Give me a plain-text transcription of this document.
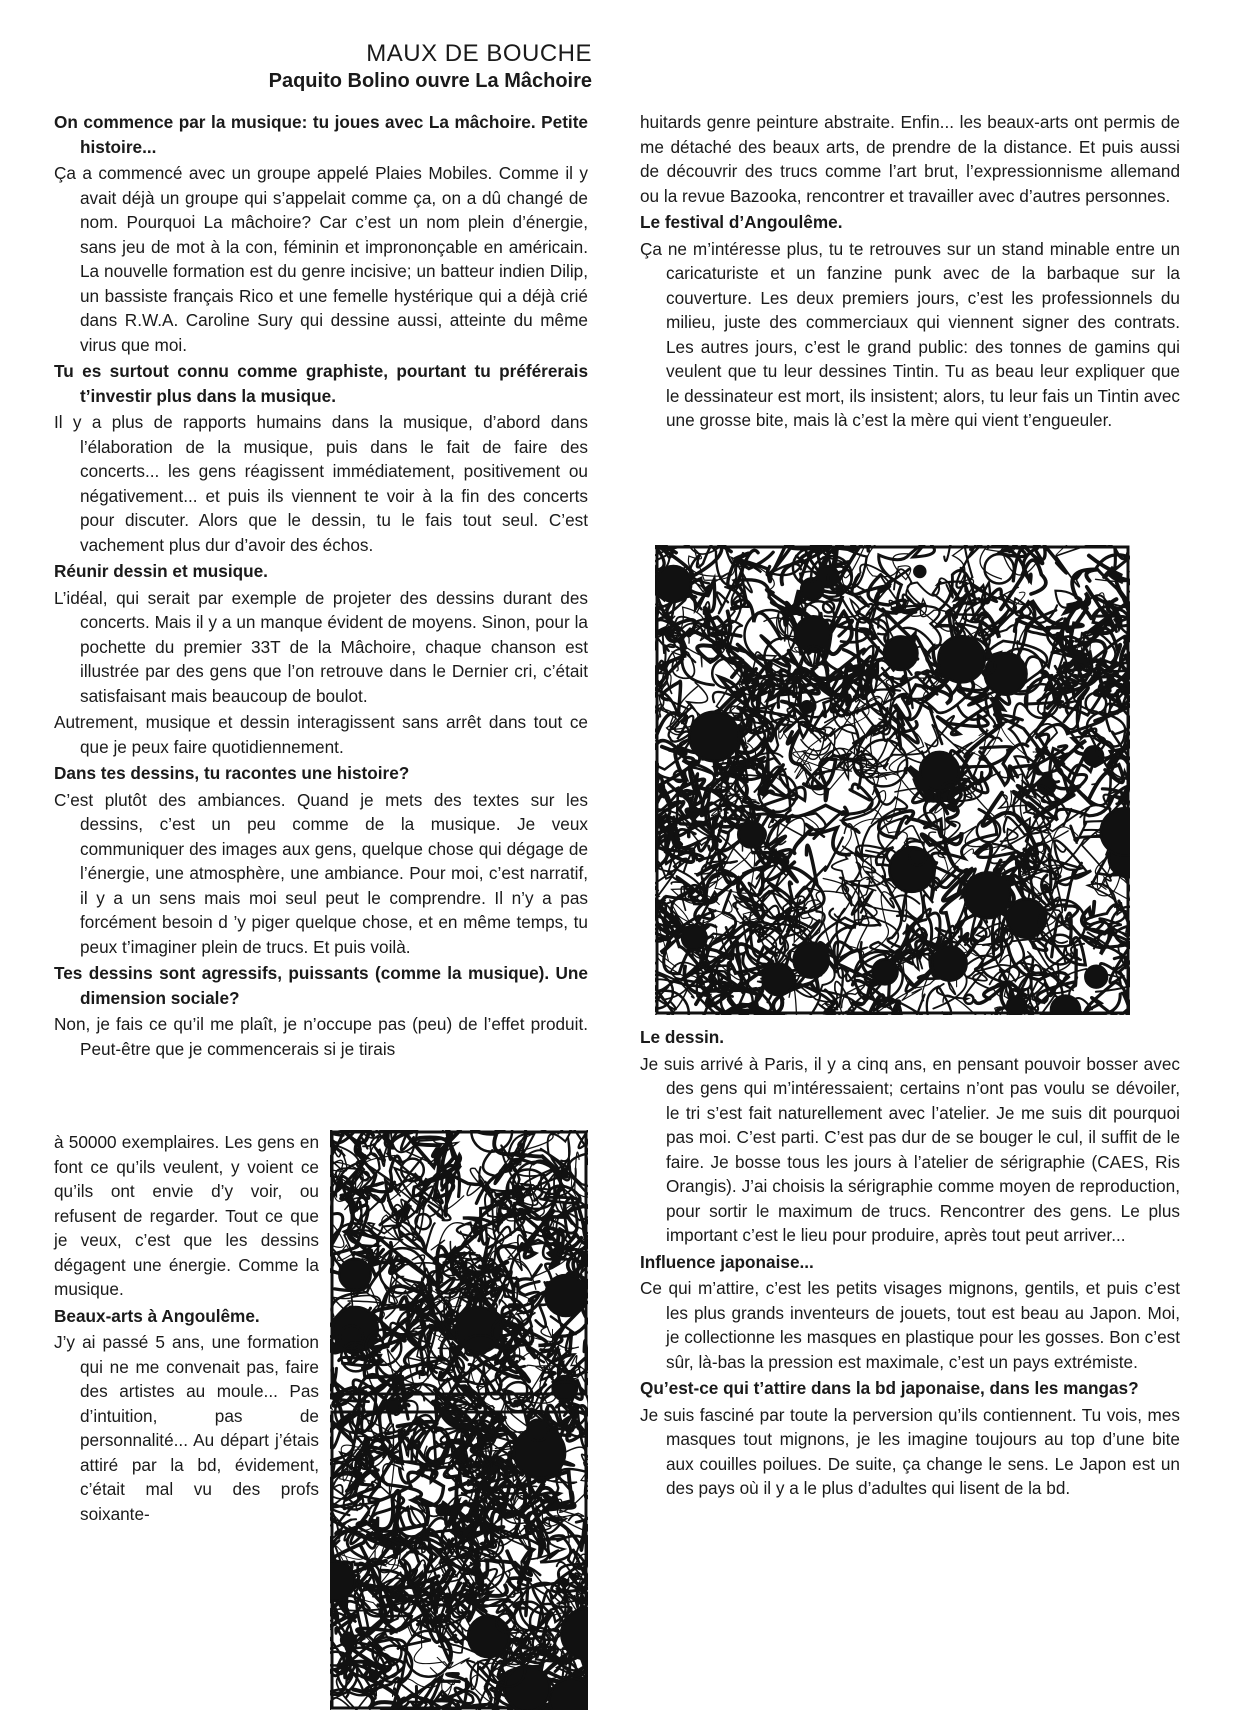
MAUX DE BOUCHE
Paquito Bolino ouvre La Mâchoire

On commence par la musique: tu joues avec La mâchoire. Petite histoire...

Ça a commencé avec un groupe appelé Plaies Mobiles. Comme il y avait déjà un groupe qui s’appelait comme ça, on a dû changé de nom. Pourquoi La mâchoire? Car c’est un nom plein d’énergie, sans jeu de mot à la con, féminin et imprononçable en américain. La nouvelle formation est du genre incisive; un batteur indien Dilip, un bassiste français Rico et une femelle hystérique qui a déjà crié dans R.W.A. Caroline Sury qui dessine aussi, atteinte du même virus que moi.

Tu es surtout connu comme graphiste, pourtant tu préférerais t’investir plus dans la musique.

Il y a plus de rapports humains dans la musique, d’abord dans l’élaboration de la musique, puis dans le fait de faire des concerts... les gens réagissent immédiatement, positivement ou négativement... et puis ils viennent te voir à la fin des concerts pour discuter. Alors que le dessin, tu le fais tout seul. C’est vachement plus dur d’avoir des échos.

Réunir dessin et musique.

L’idéal, qui serait par exemple de projeter des dessins durant des concerts. Mais il y a un manque évident de moyens. Sinon, pour la pochette du premier 33T de la Mâchoire, chaque chanson est illustrée par des gens que l’on retrouve dans le Dernier cri, c’était satisfaisant mais beaucoup de boulot.

Autrement, musique et dessin interagissent sans arrêt dans tout ce que je peux faire quotidiennement.

Dans tes dessins, tu racontes une histoire?

C’est plutôt des ambiances. Quand je mets des textes sur les dessins, c’est un peu comme de la musique. Je veux communiquer des images aux gens, quelque chose qui dégage de l’énergie, une atmosphère, une ambiance. Pour moi, c’est narratif, il y a un sens mais moi seul peut le comprendre. Il n’y a pas forcément besoin d ’y piger quelque chose, et en même temps, tu peux t’imaginer plein de trucs. Et puis voilà.

Tes dessins sont agressifs, puissants (comme la musique). Une dimension sociale?

Non, je fais ce qu’il me plaît, je n’occupe pas (peu) de l’effet produit. Peut-être que je commencerais si je tirais

à 50000 exemplaires. Les gens en font ce qu’ils veulent, y voient ce qu’ils ont envie d’y voir, ou refusent de regarder. Tout ce que je veux, c’est que les dessins dégagent une énergie. Comme la musique.

Beaux-arts à Angoulême.

J’y ai passé 5 ans, une formation qui ne me convenait pas, faire des artistes au moule... Pas d’intuition, pas de personnalité... Au départ j’étais attiré par la bd, évidement, c’était mal vu des profs soixante-

huitards genre peinture abstraite. Enfin... les beaux-arts ont permis de me détaché des beaux arts, de prendre de la distance. Et puis aussi de découvrir des trucs comme l’art brut, l’expressionnisme allemand ou la revue Bazooka, rencontrer et travailler avec d’autres personnes.

Le festival d’Angoulême.

Ça ne m’intéresse plus, tu te retrouves sur un stand minable entre un caricaturiste et un fanzine punk avec de la barbaque sur la couverture. Les deux premiers jours, c’est les professionnels du milieu, juste des commerciaux qui viennent signer des contrats. Les autres jours, c’est le grand public: des tonnes de gamins qui veulent que tu leur dessines Tintin. Tu as beau leur expliquer que le dessinateur est mort, ils insistent; alors, tu leur fais un Tintin avec une grosse bite, mais là c’est la mère qui vient t’engueuler.

Le dessin.

Je suis arrivé à Paris, il y a cinq ans, en pensant pouvoir bosser avec des gens qui m’intéressaient; certains n’ont pas voulu se dévoiler, le tri s’est fait naturellement avec l’atelier. Je me suis dit pourquoi pas moi. C’est parti. C’est pas dur de se bouger le cul, il suffit de le faire. Je bosse tous les jours à l’atelier de sérigraphie (CAES, Ris Orangis). J’ai choisis la sérigraphie comme moyen de reproduction, pour sortir le maximum de trucs. Rencontrer des gens. Le plus important c’est le lieu pour produire, après tout peut arriver...

Influence japonaise...

Ce qui m’attire, c’est les petits visages mignons, gentils, et puis c’est les plus grands inventeurs de jouets, tout est beau au Japon. Moi, je collectionne les masques en plastique pour les gosses. Bon c’est sûr, là-bas la pression est maximale, c’est un pays extrémiste.

Qu’est-ce qui t’attire dans la bd japonaise, dans les mangas?

Je suis fasciné par toute la perversion qu’ils contiennent. Tu vois, mes masques tout mignons, je les imagine toujours au top d’une bite aux couilles poilues. De suite, ça change le sens. Le Japon est un des pays où il y a le plus d’adultes qui lisent de la bd.
